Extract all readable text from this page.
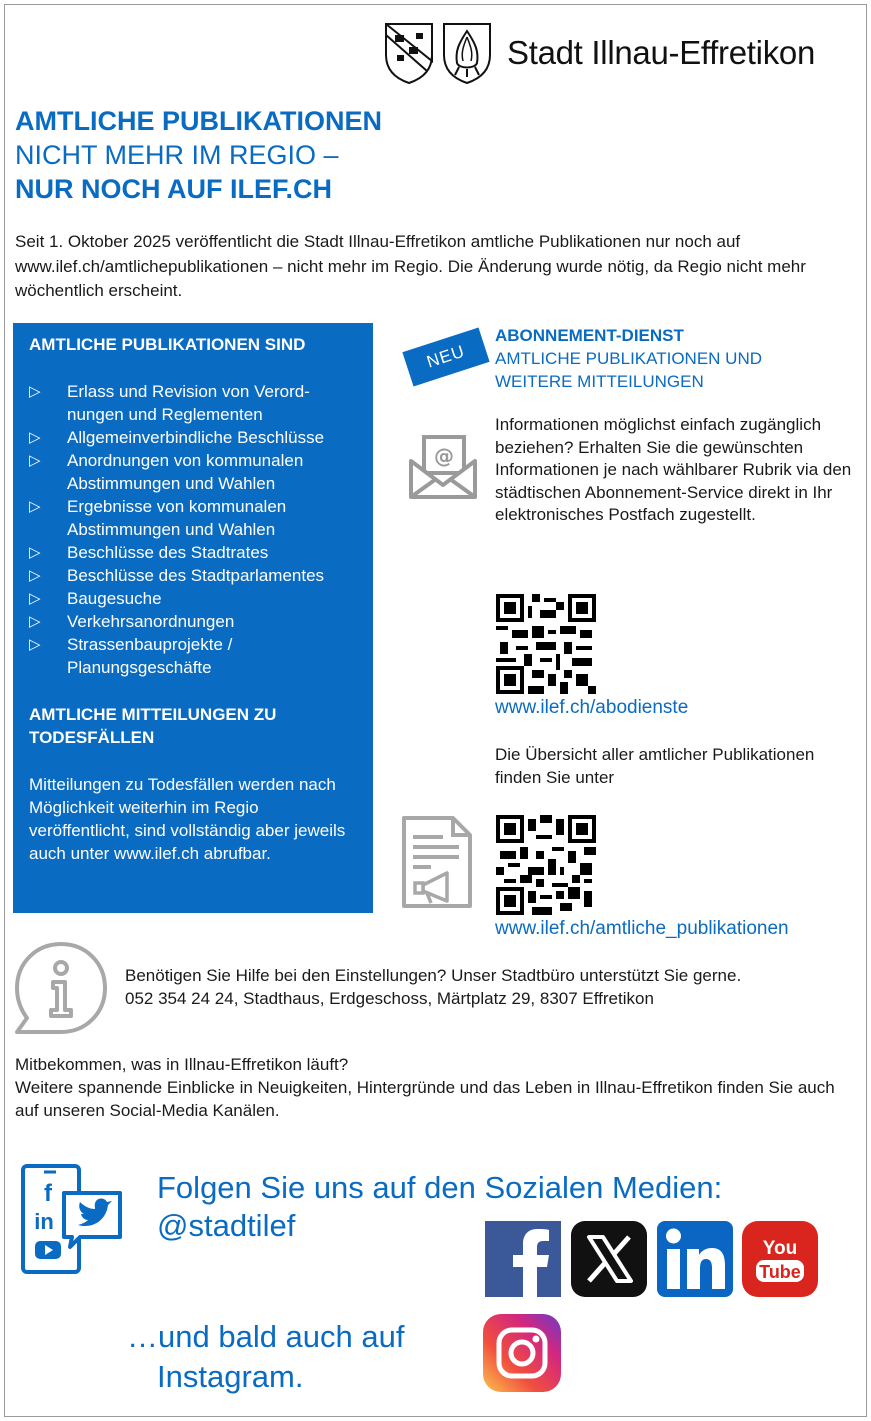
Stadt Illnau-Effretikon
AMTLICHE PUBLIKATIONEN
NICHT MEHR IM REGIO –
NUR NOCH AUF ILEF.CH
Seit 1. Oktober 2025 veröffentlicht die Stadt Illnau-Effretikon amtliche Publikationen nur noch auf www.ilef.ch/amtlichepublikationen – nicht mehr im Regio. Die Änderung wurde nötig, da Regio nicht mehr wöchentlich erscheint.
AMTLICHE PUBLIKATIONEN SIND
▷ Erlass und Revision von Verord-nungen und Reglementen
▷ Allgemeinverbindliche Beschlüsse
▷ Anordnungen von kommunalen Abstimmungen und Wahlen
▷ Ergebnisse von kommunalen Abstimmungen und Wahlen
▷ Beschlüsse des Stadtrates
▷ Beschlüsse des Stadtparlamentes
▷ Baugesuche
▷ Verkehrsanordnungen
▷ Strassenbauprojekte / Planungsgeschäfte
AMTLICHE MITTEILUNGEN ZU TODESFÄLLEN

Mitteilungen zu Todesfällen werden nach Möglichkeit weiterhin im Regio veröffentlicht, sind vollständig aber jeweils auch unter www.ilef.ch abrufbar.

NEU
ABONNEMENT-DIENST
AMTLICHE PUBLIKATIONEN UND
WEITERE MITTEILUNGEN
@
Informationen möglichst einfach zugänglich beziehen? Erhalten Sie die gewünschten Informationen je nach wählbarer Rubrik via den städtischen Abonnement-Service direkt in Ihr elektronisches Postfach zugestellt.
www.ilef.ch/abodienste
Die Übersicht aller amtlicher Publikationen finden Sie unter
www.ilef.ch/amtliche_publikationen
Benötigen Sie Hilfe bei den Einstellungen? Unser Stadtbüro unterstützt Sie gerne.
052 354 24 24, Stadthaus, Erdgeschoss, Märtplatz 29, 8307 Effretikon
Mitbekommen, was in Illnau-Effretikon läuft?
Weitere spannende Einblicke in Neuigkeiten, Hintergründe und das Leben in Illnau-Effretikon finden Sie auch auf unseren Social-Media Kanälen.
f
in
Folgen Sie uns auf den Sozialen Medien:
@stadtilef
You
Tube
…und bald auch auf
Instagram.
